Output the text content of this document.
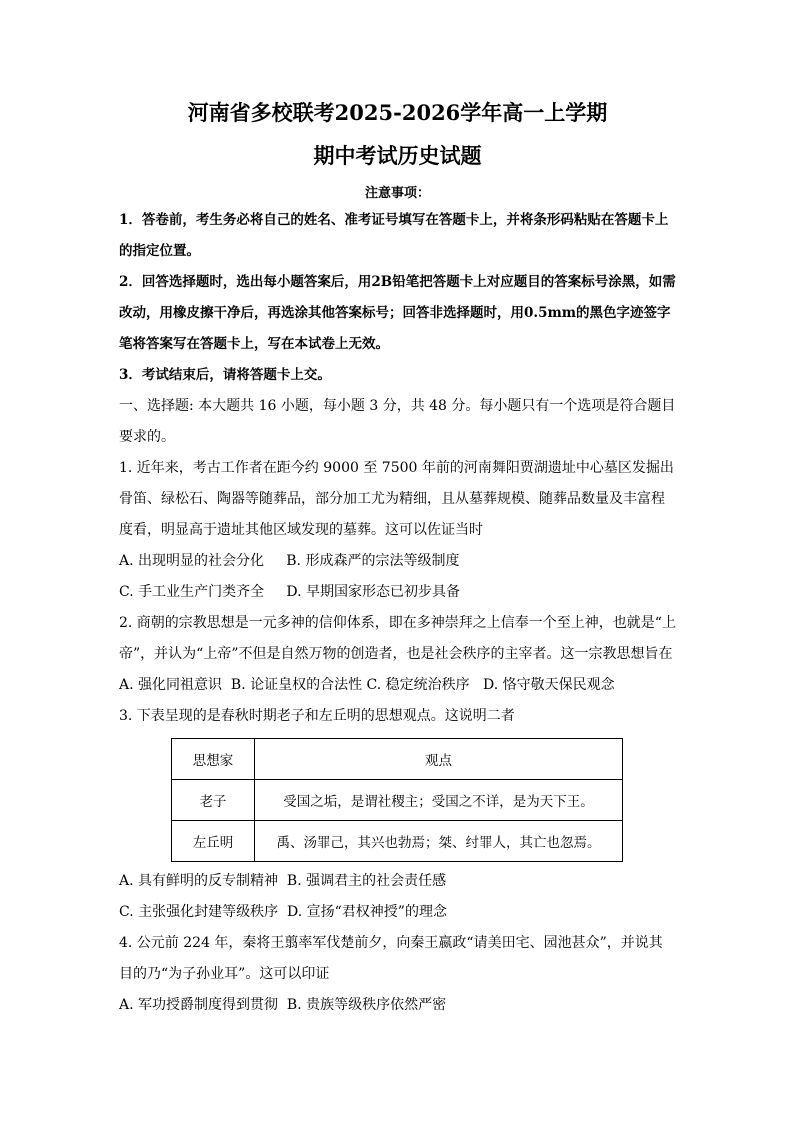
河南省多校联考2025-2026学年高一上学期
期中考试历史试题
注意事项：

1．答卷前，考生务必将自己的姓名、准考证号填写在答题卡上，并将条形码粘贴在答题卡上的指定位置。

2．回答选择题时，选出每小题答案后，用2B铅笔把答题卡上对应题目的答案标号涂黑，如需改动，用橡皮擦干净后，再选涂其他答案标号；回答非选择题时，用0.5mm的黑色字迹签字笔将答案写在答题卡上，写在本试卷上无效。

3．考试结束后，请将答题卡上交。

一、选择题: 本大题共 16 小题，每小题 3 分，共 48 分。每小题只有一个选项是符合题目要求的。

1. 近年来，考古工作者在距今约 9000 至 7500 年前的河南舞阳贾湖遗址中心墓区发掘出骨笛、绿松石、陶器等随葬品，部分加工尤为精细，且从墓葬规模、随葬品数量及丰富程度看，明显高于遗址其他区域发现的墓葬。这可以佐证当时

A. 出现明显的社会分化     B. 形成森严的宗法等级制度

C. 手工业生产门类齐全     D. 早期国家形态已初步具备

2. 商朝的宗教思想是一元多神的信仰体系，即在多神崇拜之上信奉一个至上神，也就是“上帝”，并认为“上帝”不但是自然万物的创造者，也是社会秩序的主宰者。这一宗教思想旨在

A. 强化同祖意识  B. 论证皇权的合法性 C. 稳定统治秩序   D. 恪守敬天保民观念

3. 下表呈现的是春秋时期老子和左丘明的思想观点。这说明二者

思想家	观点
老子	受国之垢，是谓社稷主；受国之不详，是为天下王。
左丘明	禹、汤罪己，其兴也勃焉；桀、纣罪人，其亡也忽焉。

A. 具有鲜明的反专制精神  B. 强调君主的社会责任感

C. 主张强化封建等级秩序  D. 宣扬“君权神授”的理念

4. 公元前 224 年，秦将王翦率军伐楚前夕，向秦王嬴政“请美田宅、园池甚众”，并说其目的乃“为子孙业耳”。这可以印证

A. 军功授爵制度得到贯彻  B. 贵族等级秩序依然严密
